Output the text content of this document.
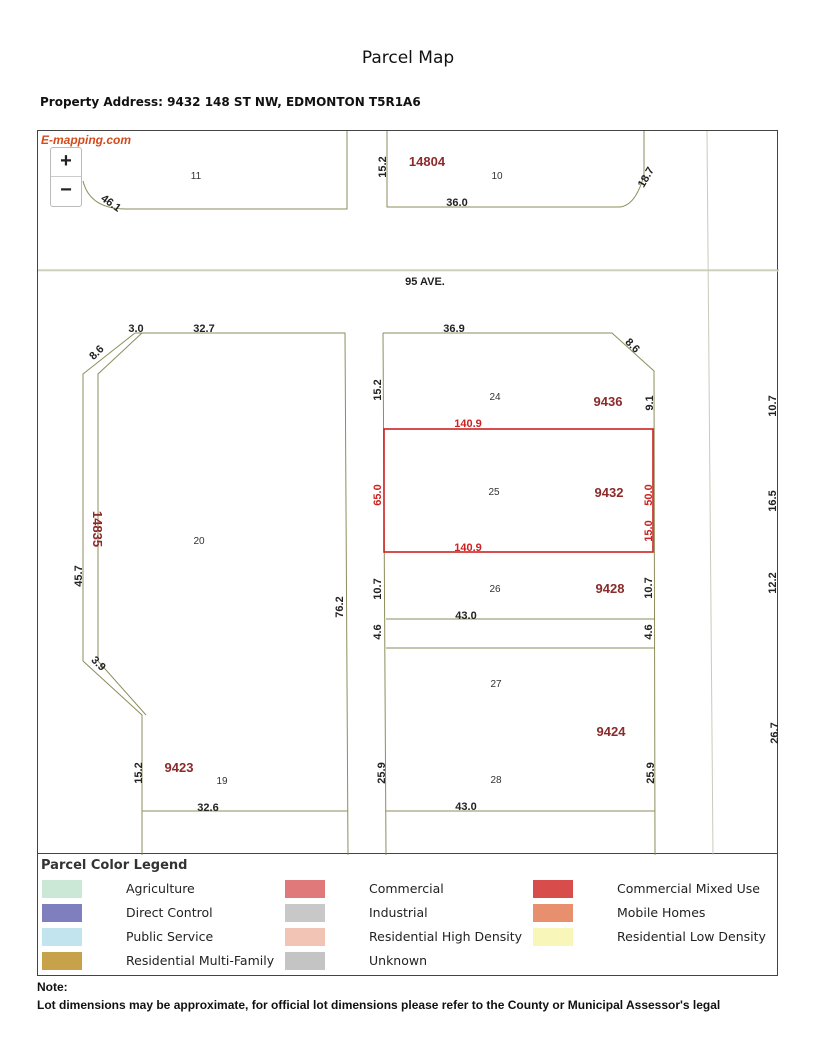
Parcel Map
Property Address: 9432 148 ST NW, EDMONTON T5R1A6
95 AVE.
11	10
24
25
26
27
28
20
19
14804
9436
9432
9428
9424
9423
14835
46.1
15.2
36.0
18.7
3.0	32.7
8.6
36.9
8.6
15.2
9.1	10.7
16.5
45.7
76.2
10.7	10.7	12.2
43.0
4.6	4.6
3.9
26.7
15.2	25.9	25.9
32.6	43.0
140.9
140.9
65.0	50.0
15.0
E-mapping.com
+
−
Parcel Color Legend
Agriculture	Commercial	Commercial Mixed Use
Direct Control	Industrial	Mobile Homes
Public Service	Residential High Density	Residential Low Density
Residential Multi-Family	Unknown
Note:
Lot dimensions may be approximate, for official lot dimensions please refer to the County or Municipal Assessor's legal
